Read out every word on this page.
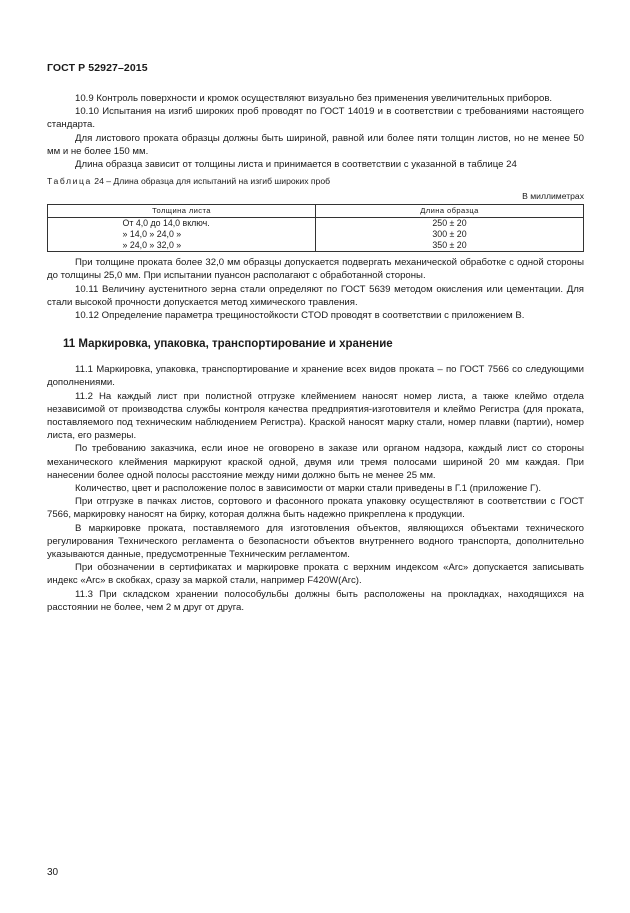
ГОСТ Р 52927–2015

10.9 Контроль поверхности и кромок осуществляют визуально без применения увеличительных приборов.

10.10 Испытания на изгиб широких проб проводят по ГОСТ 14019 и в соответствии с требованиями настоящего стандарта.

Для листового проката образцы должны быть шириной, равной или более пяти толщин листов, но не менее 50 мм и не более 150 мм.

Длина образца зависит от толщины листа и принимается в соответствии с указанной в таблице 24

Таблица 24 – Длина образца для испытаний на изгиб широких проб
В миллиметрах
Толщина листа	Длина образца
От 4,0 до 14,0 включ.	250 ± 20
» 14,0 » 24,0 »	300 ± 20
» 24,0 » 32,0 »	350 ± 20

При толщине проката более 32,0 мм образцы допускается подвергать механической обработке с одной стороны до толщины 25,0 мм. При испытании пуансон располагают с обработанной стороны.

10.11 Величину аустенитного зерна стали определяют по ГОСТ 5639 методом окисления или цементации. Для стали высокой прочности допускается метод химического травления.

10.12 Определение параметра трещиностойкости CTOD проводят в соответствии с приложением В.

11 Маркировка, упаковка, транспортирование и хранение

11.1 Маркировка, упаковка, транспортирование и хранение всех видов проката – по ГОСТ 7566 со следующими дополнениями.

11.2 На каждый лист при полистной отгрузке клеймением наносят номер листа, а также клеймо отдела независимой от производства службы контроля качества предприятия-изготовителя и клеймо Регистра (для проката, поставляемого под техническим наблюдением Регистра). Краской наносят марку стали, номер плавки (партии), номер листа, его размеры.

По требованию заказчика, если иное не оговорено в заказе или органом надзора, каждый лист со стороны механического клеймения маркируют краской одной, двумя или тремя полосами шириной 20 мм каждая. При нанесении более одной полосы расстояние между ними должно быть не менее 25 мм.

Количество, цвет и расположение полос в зависимости от марки стали приведены в Г.1 (приложение Г).

При отгрузке в пачках листов, сортового и фасонного проката упаковку осуществляют в соответствии с ГОСТ 7566, маркировку наносят на бирку, которая должна быть надежно прикреплена к продукции.

В маркировке проката, поставляемого для изготовления объектов, являющихся объектами технического регулирования Технического регламента о безопасности объектов внутреннего водного транспорта, дополнительно указываются данные, предусмотренные Техническим регламентом.

При обозначении в сертификатах и маркировке проката с верхним индексом «Arc» допускается записывать индекс «Arc» в скобках, сразу за маркой стали, например F420W(Arc).

11.3 При складском хранении полособульбы должны быть расположены на прокладках, находящихся на расстоянии не более, чем 2 м друг от друга.

30
